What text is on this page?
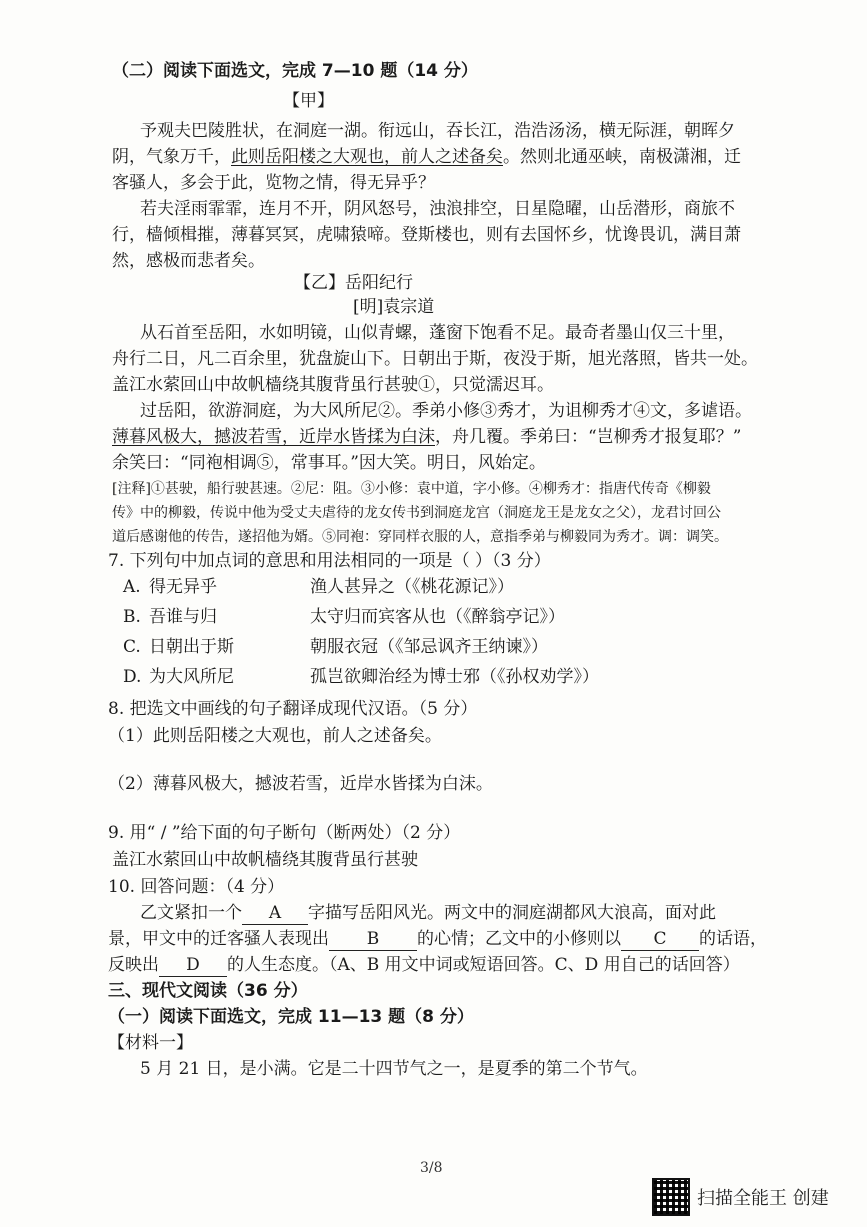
（二）阅读下面选文，完成 7—10 题（14 分）
【甲】
予观夫巴陵胜状，在洞庭一湖。衔远山，吞长江，浩浩汤汤，横无际涯，朝晖夕
阴，气象万千，此则岳阳楼之大观也，前人之述备矣。然则北通巫峡，南极潇湘，迁
客骚人，多会于此，览物之情，得无异乎？
若夫淫雨霏霏，连月不开，阴风怒号，浊浪排空，日星隐曜，山岳潜形，商旅不
行，樯倾楫摧，薄暮冥冥，虎啸猿啼。登斯楼也，则有去国怀乡，忧谗畏讥，满目萧
然，感极而悲者矣。
【乙】岳阳纪行
[明]袁宗道
从石首至岳阳，水如明镜，山似青螺，蓬窗下饱看不足。最奇者墨山仅三十里，
舟行二日，凡二百余里，犹盘旋山下。日朝出于斯，夜没于斯，旭光落照，皆共一处。
盖江水萦回山中故帆樯绕其腹背虽行甚驶①，只觉濡迟耳。
过岳阳，欲游洞庭，为大风所尼②。季弟小修③秀才，为诅柳秀才④文，多谑语。
薄暮风极大，撼波若雪，近岸水皆揉为白沫，舟几覆。季弟曰：“岂柳秀才报复耶？”
余笑曰：“同袍相调⑤，常事耳。”因大笑。明日，风始定。
[注释]①甚驶，船行驶甚速。②尼：阻。③小修：袁中道，字小修。④柳秀才：指唐代传奇《柳毅
传》中的柳毅，传说中他为受丈夫虐待的龙女传书到洞庭龙宫（洞庭龙王是龙女之父），龙君讨回公
道后感谢他的传告，遂招他为婿。⑤同袍：穿同样衣服的人，意指季弟与柳毅同为秀才。调：调笑。
7. 下列句中加点词的意思和用法相同的一项是（ ）（3 分）
A. 得无异乎	渔人甚异之（《桃花源记》）
B. 吾谁与归	太守归而宾客从也（《醉翁亭记》）
C. 日朝出于斯	朝服衣冠（《邹忌讽齐王纳谏》）
D. 为大风所尼	孤岂欲卿治经为博士邪（《孙权劝学》）
8. 把选文中画线的句子翻译成现代汉语。（5 分）
（1）此则岳阳楼之大观也，前人之述备矣。
（2）薄暮风极大，撼波若雪，近岸水皆揉为白沫。
9. 用“ / ”给下面的句子断句（断两处）（2 分）
盖江水萦回山中故帆樯绕其腹背虽行甚驶
10. 回答问题：（4 分）
乙文紧扣一个 A 字描写岳阳风光。两文中的洞庭湖都风大浪高，面对此
景，甲文中的迁客骚人表现出 B 的心情；乙文中的小修则以 C 的话语，
反映出 D 的人生态度。（A、B 用文中词或短语回答。C、D 用自己的话回答）
三、现代文阅读（36 分）
（一）阅读下面选文，完成 11—13 题（8 分）
【材料一】
5 月 21 日，是小满。它是二十四节气之一，是夏季的第二个节气。
3/8
扫描全能王 创建
